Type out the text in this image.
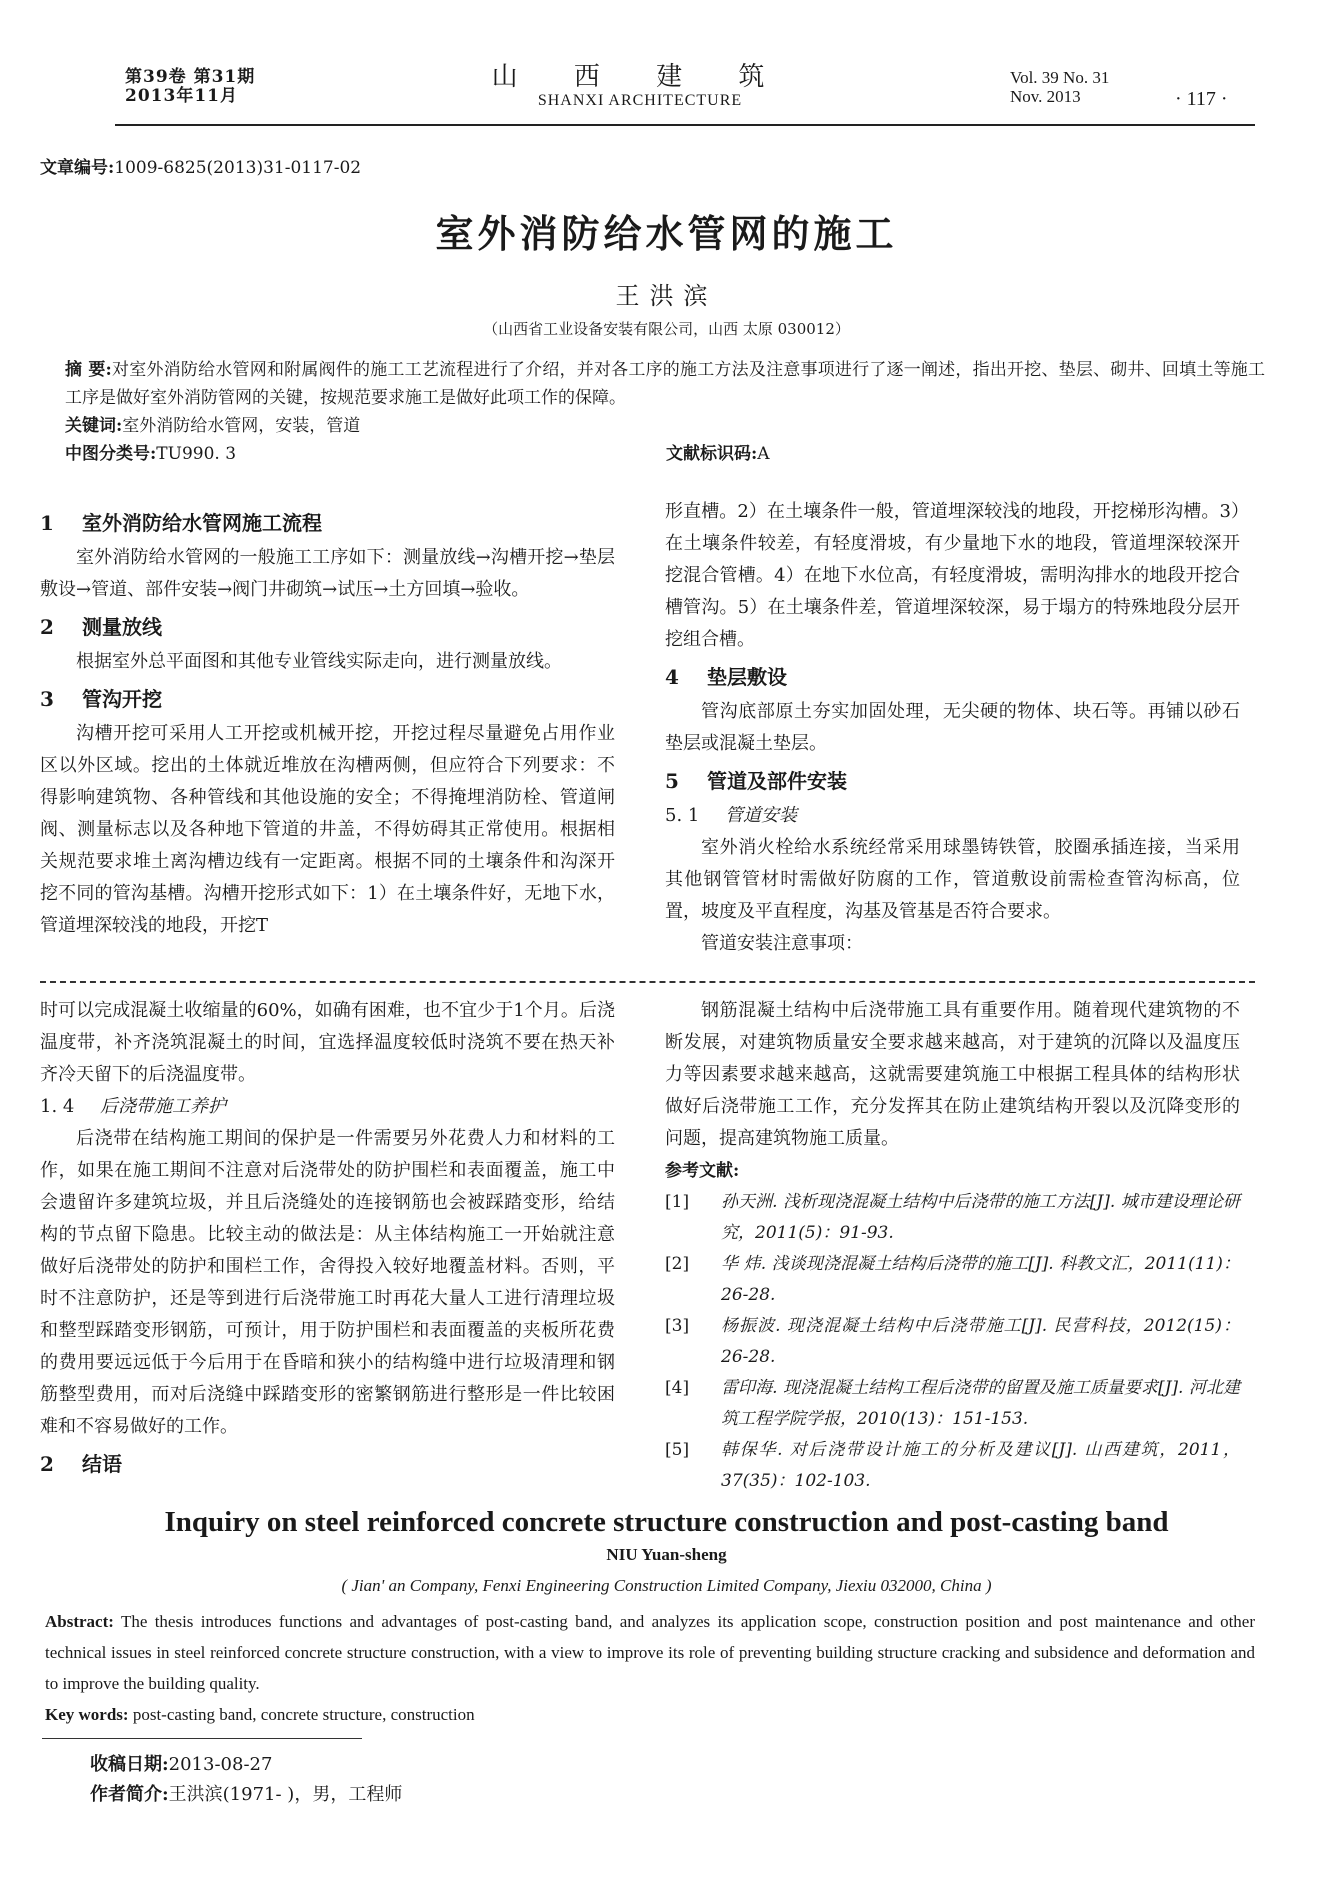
第39卷 第31期
2013年11月
山 西 建 筑
SHANXI ARCHITECTURE
Vol. 39 No. 31
Nov. 2013	· 117 ·
文章编号:1009-6825(2013)31-0117-02
室外消防给水管网的施工
王洪滨
（山西省工业设备安装有限公司，山西 太原 030012）
摘 要:对室外消防给水管网和附属阀件的施工工艺流程进行了介绍，并对各工序的施工方法及注意事项进行了逐一阐述，指出开挖、垫层、砌井、回填土等施工工序是做好室外消防管网的关键，按规范要求施工是做好此项工作的保障。
关键词:室外消防给水管网，安装，管道
中图分类号:TU990. 3	文献标识码:A
1 室外消防给水管网施工流程

室外消防给水管网的一般施工工序如下：测量放线→沟槽开挖→垫层敷设→管道、部件安装→阀门井砌筑→试压→土方回填→验收。

2 测量放线

根据室外总平面图和其他专业管线实际走向，进行测量放线。

3 管沟开挖

沟槽开挖可采用人工开挖或机械开挖，开挖过程尽量避免占用作业区以外区域。挖出的土体就近堆放在沟槽两侧，但应符合下列要求：不得影响建筑物、各种管线和其他设施的安全；不得掩埋消防栓、管道闸阀、测量标志以及各种地下管道的井盖，不得妨碍其正常使用。根据相关规范要求堆土离沟槽边线有一定距离。根据不同的土壤条件和沟深开挖不同的管沟基槽。沟槽开挖形式如下：1）在土壤条件好，无地下水，管道埋深较浅的地段，开挖T

形直槽。2）在土壤条件一般，管道埋深较浅的地段，开挖梯形沟槽。3）在土壤条件较差，有轻度滑坡，有少量地下水的地段，管道埋深较深开挖混合管槽。4）在地下水位高，有轻度滑坡，需明沟排水的地段开挖合槽管沟。5）在土壤条件差，管道埋深较深，易于塌方的特殊地段分层开挖组合槽。

4 垫层敷设

管沟底部原土夯实加固处理，无尖硬的物体、块石等。再铺以砂石垫层或混凝土垫层。

5 管道及部件安装
5. 1 管道安装

室外消火栓给水系统经常采用球墨铸铁管，胶圈承插连接，当采用其他钢管管材时需做好防腐的工作，管道敷设前需检查管沟标高，位置，坡度及平直程度，沟基及管基是否符合要求。

管道安装注意事项：

时可以完成混凝土收缩量的60%，如确有困难，也不宜少于1个月。后浇温度带，补齐浇筑混凝土的时间，宜选择温度较低时浇筑不要在热天补齐冷天留下的后浇温度带。

1. 4 后浇带施工养护

后浇带在结构施工期间的保护是一件需要另外花费人力和材料的工作，如果在施工期间不注意对后浇带处的防护围栏和表面覆盖，施工中会遗留许多建筑垃圾，并且后浇缝处的连接钢筋也会被踩踏变形，给结构的节点留下隐患。比较主动的做法是：从主体结构施工一开始就注意做好后浇带处的防护和围栏工作，舍得投入较好地覆盖材料。否则，平时不注意防护，还是等到进行后浇带施工时再花大量人工进行清理垃圾和整型踩踏变形钢筋，可预计，用于防护围栏和表面覆盖的夹板所花费的费用要远远低于今后用于在昏暗和狭小的结构缝中进行垃圾清理和钢筋整型费用，而对后浇缝中踩踏变形的密繁钢筋进行整形是一件比较困难和不容易做好的工作。

2 结语

钢筋混凝土结构中后浇带施工具有重要作用。随着现代建筑物的不断发展，对建筑物质量安全要求越来越高，对于建筑的沉降以及温度压力等因素要求越来越高，这就需要建筑施工中根据工程具体的结构形状做好后浇带施工工作，充分发挥其在防止建筑结构开裂以及沉降变形的问题，提高建筑物施工质量。

参考文献:
[1] 孙天洲. 浅析现浇混凝土结构中后浇带的施工方法[J]. 城市建设理论研究，2011(5)：91-93.
[2] 华 炜. 浅谈现浇混凝土结构后浇带的施工[J]. 科教文汇，2011(11)：26-28.
[3] 杨振波. 现浇混凝土结构中后浇带施工[J]. 民营科技，2012(15)：26-28.
[4] 雷印海. 现浇混凝土结构工程后浇带的留置及施工质量要求[J]. 河北建筑工程学院学报，2010(13)：151-153.
[5] 韩保华. 对后浇带设计施工的分析及建议[J]. 山西建筑，2011，37(35)：102-103.
Inquiry on steel reinforced concrete structure construction and post-casting band
NIU Yuan-sheng
( Jian' an Company, Fenxi Engineering Construction Limited Company, Jiexiu 032000, China )
Abstract: The thesis introduces functions and advantages of post-casting band, and analyzes its application scope, construction position and post maintenance and other technical issues in steel reinforced concrete structure construction, with a view to improve its role of preventing building structure cracking and subsidence and deformation and to improve the building quality.
Key words: post-casting band, concrete structure, construction
收稿日期:2013-08-27
作者简介:王洪滨(1971- )，男，工程师
